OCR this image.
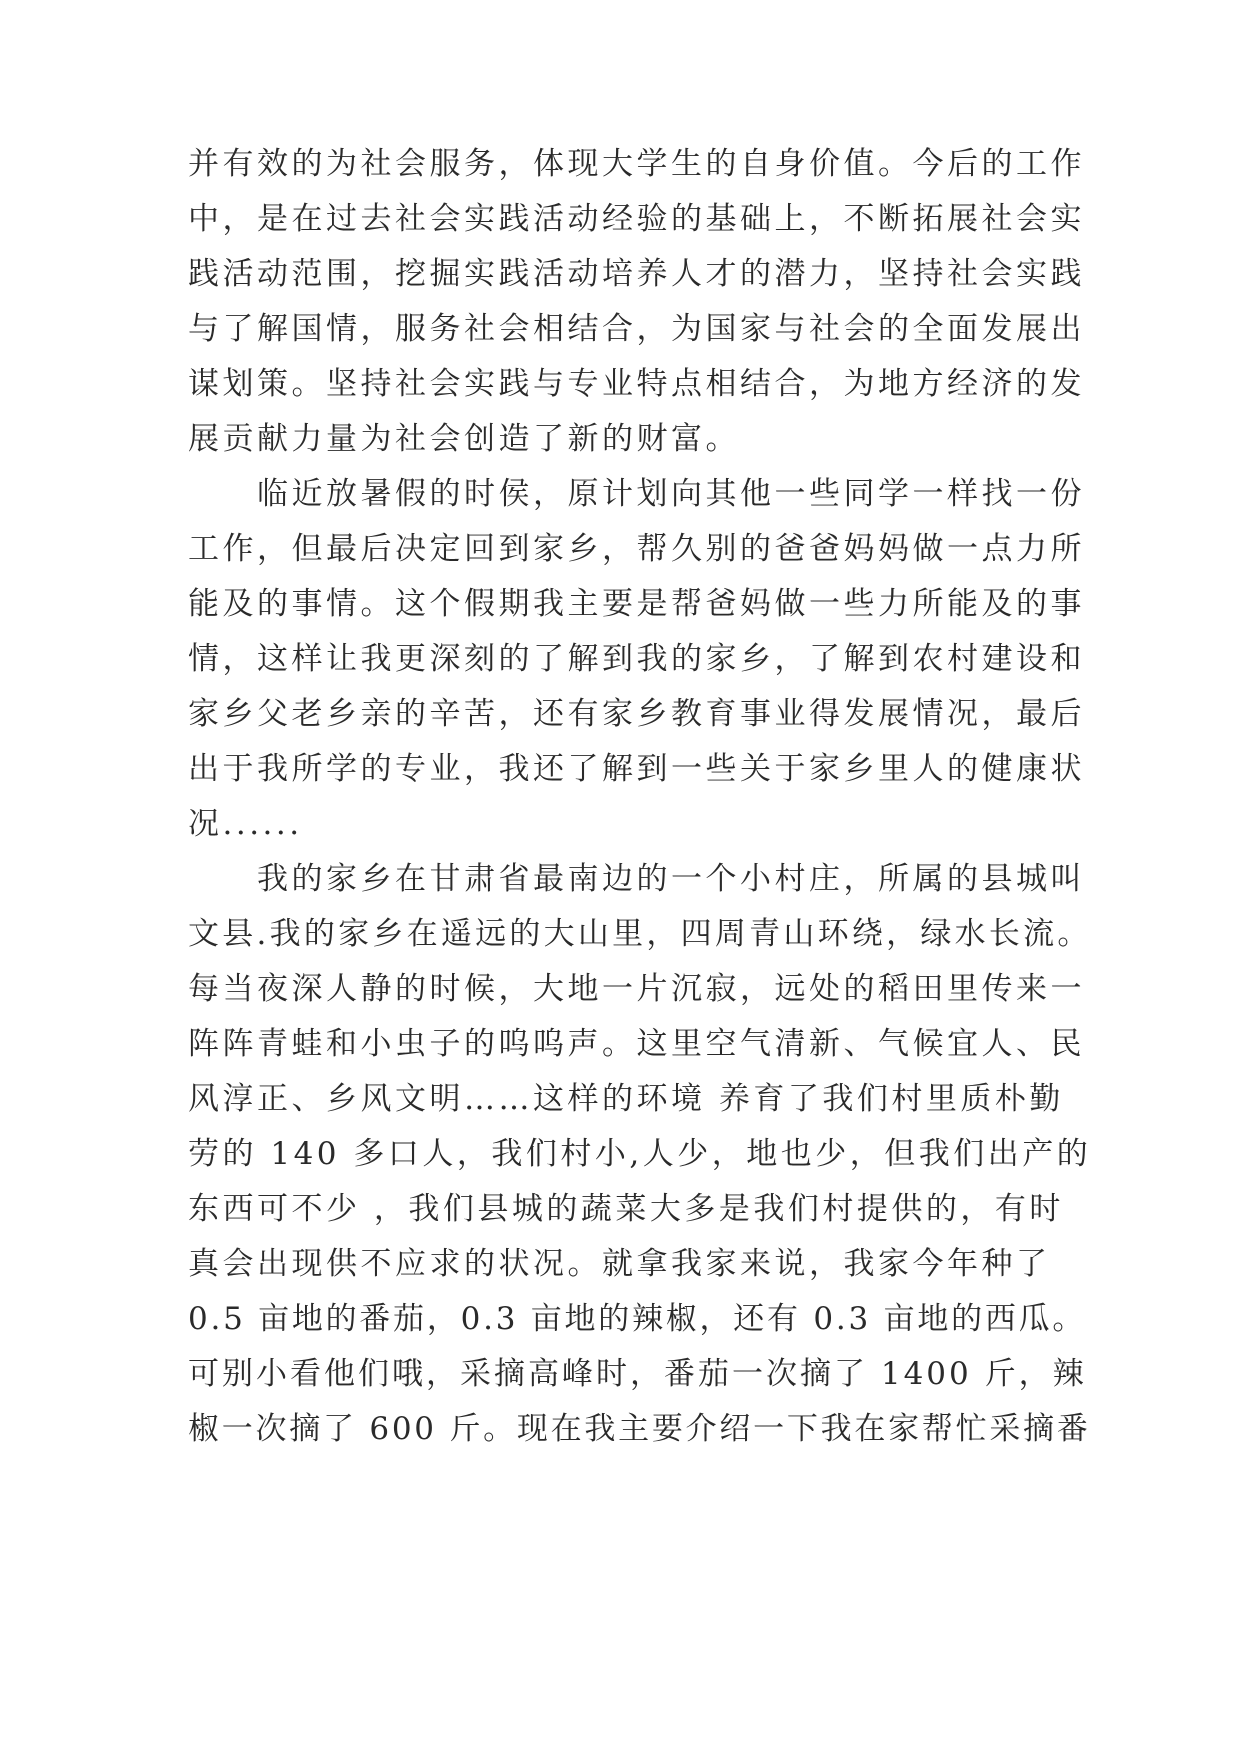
并有效的为社会服务，体现大学生的自身价值。今后的工作
中，是在过去社会实践活动经验的基础上，不断拓展社会实
践活动范围，挖掘实践活动培养人才的潜力，坚持社会实践
与了解国情，服务社会相结合，为国家与社会的全面发展出
谋划策。坚持社会实践与专业特点相结合，为地方经济的发
展贡献力量为社会创造了新的财富。
　　临近放暑假的时侯，原计划向其他一些同学一样找一份
工作，但最后决定回到家乡，帮久别的爸爸妈妈做一点力所
能及的事情。这个假期我主要是帮爸妈做一些力所能及的事
情，这样让我更深刻的了解到我的家乡，了解到农村建设和
家乡父老乡亲的辛苦，还有家乡教育事业得发展情况，最后
出于我所学的专业，我还了解到一些关于家乡里人的健康状
况......
　　我的家乡在甘肃省最南边的一个小村庄，所属的县城叫
文县.我的家乡在遥远的大山里，四周青山环绕，绿水长流。
每当夜深人静的时候，大地一片沉寂，远处的稻田里传来一
阵阵青蛙和小虫子的呜呜声。这里空气清新、气候宜人、民
风淳正、乡风文明……这样的环境 养育了我们村里质朴勤
劳的 140 多口人，我们村小,人少，地也少，但我们出产的
东西可不少 ，我们县城的蔬菜大多是我们村提供的，有时
真会出现供不应求的状况。就拿我家来说，我家今年种了
0.5 亩地的番茄，0.3 亩地的辣椒，还有 0.3 亩地的西瓜。
可别小看他们哦，采摘高峰时，番茄一次摘了 1400 斤，辣
椒一次摘了 600 斤。现在我主要介绍一下我在家帮忙采摘番
